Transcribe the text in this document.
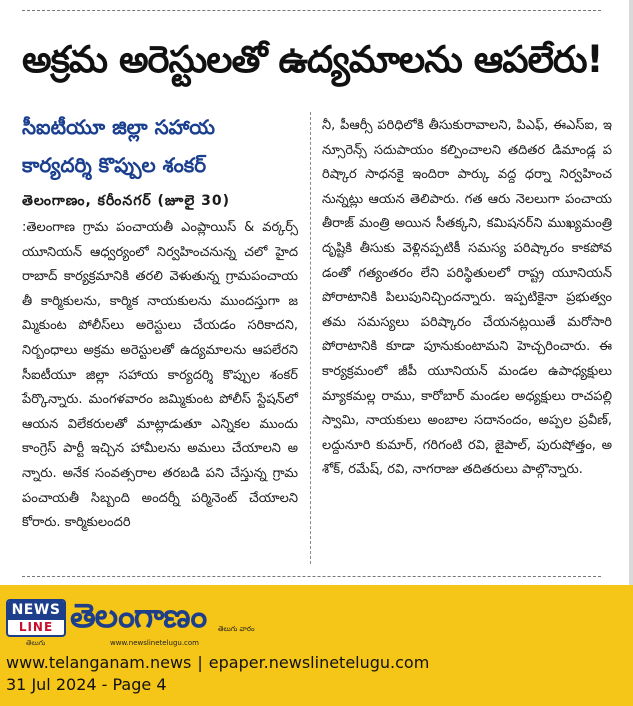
అక్రమ అరెస్టులతో ఉద్యమాలను ఆపలేరు!
సీఐటీయూ జిల్లా సహాయ
కార్యదర్శి కొప్పుల శంకర్
తెలంగాణం, కరీంనగర్ (జూలై 30)

:తెలంగాణ గ్రామ పంచాయతీ ఎంప్లాయిస్ & వర్కర్స్ యూనియన్ ఆధ్వర్యంలో నిర్వహించనున్న చలో హైదరాబాద్ కార్యక్రమానికి తరలి వెళుతున్న గ్రామపంచాయతీ కార్మికులను, కార్మిక నాయకులను ముందస్తుగా జమ్మికుంట పోలీస్‌లు అరెస్టులు చేయడం సరికాదని, నిర్బంధాలు అక్రమ అరెస్టులతో ఉద్యమాలను ఆపలేరని సీఐటీయూ జిల్లా సహాయ కార్యదర్శి కొప్పుల శంకర్ పేర్కొన్నారు. మంగళవారం జమ్మికుంట పోలీస్ స్టేషన్‌లో ఆయన విలేకరులతో మాట్లాడుతూ ఎన్నికల ముందు కాంగ్రెస్ పార్టీ ఇచ్చిన హామీలను అమలు చేయాలని అన్నారు. అనేక సంవత్సరాల తరబడి పని చేస్తున్న గ్రామపంచాయతీ సిబ్బంది అందర్నీ పర్మినెంట్ చేయాలని కోరారు. కార్మికులందరి

నీ, పీఆర్సీ పరిధిలోకి తీసుకురావాలని, పిఎఫ్, ఈఎస్ఐ, ఇన్సూరెన్స్ సదుపాయం కల్పించాలని తదితర డిమాండ్ల పరిష్కార సాధనకై ఇందిరా పార్కు వద్ద ధర్నా నిర్వహించనున్నట్లు ఆయన తెలిపారు. గత ఆరు నెలలుగా పంచాయతీరాజ్ మంత్రి అయిన సీతక్కని, కమిషనర్‌ని ముఖ్యమంత్రి దృష్టికి తీసుకు వెళ్లినప్పటికీ సమస్య పరిష్కారం కాకపోవడంతో గత్యంతరం లేని పరిస్థితులలో రాష్ట్ర యూనియన్ పోరాటానికి పిలుపునిచ్చిందన్నారు. ఇప్పటికైనా ప్రభుత్వం తమ సమస్యలు పరిష్కారం చేయనట్లయితే మరోసారి పోరాటానికి కూడా పూనుకుంటామని హెచ్చరించారు. ఈ కార్యక్రమంలో జీపీ యూనియన్ మండల ఉపాధ్యక్షులు మ్యాకమల్ల రాము, కారోబార్ మండల అధ్యక్షులు రాచపల్లి స్వామి, నాయకులు అంబాల సదానందం, అప్పల ప్రవీణ్, లద్దునూరి కుమార్, గరిగంటి రవి, జైపాల్, పురుషోత్తం, అశోక్, రమేష్, రవి, నాగరాజు తదితరులు పాల్గొన్నారు.

NEWS
LINE
తెలుగు
తెలంగాణం
www.newslinetelugu.com
తెలుగు వారం
www.telanganam.news | epaper.newslinetelugu.com
31 Jul 2024 - Page 4
